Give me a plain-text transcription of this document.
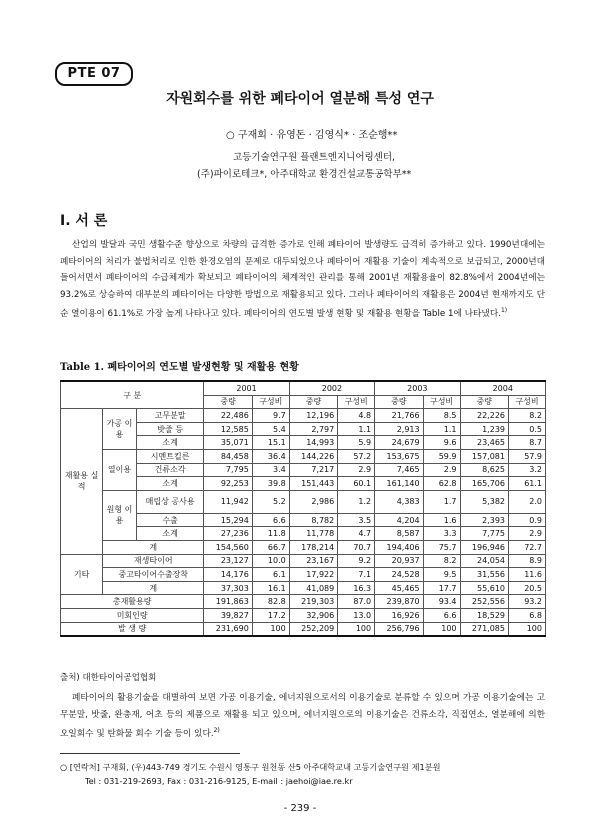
PTE 07
자원회수를 위한 폐타이어 열분해 특성 연구
○ 구재회 · 유영돈 · 김영식* · 조순행**
고등기술연구원 플랜트엔지니어링센터,
(주)파이로테크*, 아주대학교 환경건설교통공학부**
Ⅰ. 서 론
산업의 발달과 국민 생활수준 향상으로 차량의 급격한 증가로 인해 폐타이어 발생량도 급격히 증가하고 있다. 1990년대에는 폐타이어의 처리가 불법처리로 인한 환경오염의 문제로 대두되었으나 폐타이어 재활용 기술이 계속적으로 보급되고, 2000년대 들어서면서 폐타이어의 수급체계가 확보되고 폐타이어의 체계적인 관리를 통해 2001년 재활용율이 82.8%에서 2004년에는 93.2%로 상승하여 대부분의 폐타이어는 다양한 방법으로 재활용되고 있다. 그러나 폐타이어의 재활용은 2004년 현재까지도 단순 열이용이 61.1%로 가장 높게 나타나고 있다. 폐타이어의 연도별 발생 현황 및 재활용 현황을 Table 1에 나타냈다.$^{1)}$
Table 1. 폐타이어의 연도별 발생현황 및 재활용 현황
구 분			2001		2002		2003		2004	
			중량	구성비	중량	구성비	중량	구성비	중량	구성비
재활용 실적	가공 이용	고무분말	22,486	9.7	12,196	4.8	21,766	8.5	22,226	8.2
		밧줄 등	12,585	5.4	2,797	1.1	2,913	1.1	1,239	0.5
		소계	35,071	15.1	14,993	5.9	24,679	9.6	23,465	8.7
	열이용	시멘트킬른	84,458	36.4	144,226	57.2	153,675	59.9	157,081	57.9
		건류소각	7,795	3.4	7,217	2.9	7,465	2.9	8,625	3.2
		소계	92,253	39.8	151,443	60.1	161,140	62.8	165,706	61.1
	원형 이용	매립상 공사용	11,942	5.2	2,986	1.2	4,383	1.7	5,382	2.0
		수출	15,294	6.6	8,782	3.5	4,204	1.6	2,393	0.9
		소계	27,236	11.8	11,778	4.7	8,587	3.3	7,775	2.9
	계		154,560	66.7	178,214	70.7	194,406	75.7	196,946	72.7
기타	재생타이어		23,127	10.0	23,167	9.2	20,937	8.2	24,054	8.9
	중고타이어수출장착		14,176	6.1	17,922	7.1	24,528	9.5	31,556	11.6
	계		37,303	16.1	41,089	16.3	45,465	17.7	55,610	20.5
총재활용량			191,863	82.8	219,303	87.0	239,870	93.4	252,556	93.2
미회인량			39,827	17.2	32,906	13.0	16,926	6.6	18,529	6.8
발 생 량			231,690	100	252,209	100	256,796	100	271,085	100
출처) 대한타이어공업협회
폐타이어의 활용기술을 대별하여 보면 가공 이용기술, 에너지원으로서의 이용기술로 분류할 수 있으며 가공 이용기술에는 고무분말, 밧줄, 완충재, 어초 등의 제품으로 재활용 되고 있으며, 에너지원으로의 이용기술은 건류소각, 직접연소, 열분해에 의한 오일회수 및 탄화물 회수 기술 등이 있다.$^{2)}$
○ [연락처] 구재회, (우)443-749 경기도 수원시 영통구 원천동 산5 아주대학교내 고등기술연구원 제1분원
Tel : 031-219-2693, Fax : 031-216-9125, E-mail : jaehoi@iae.re.kr
- 239 -
